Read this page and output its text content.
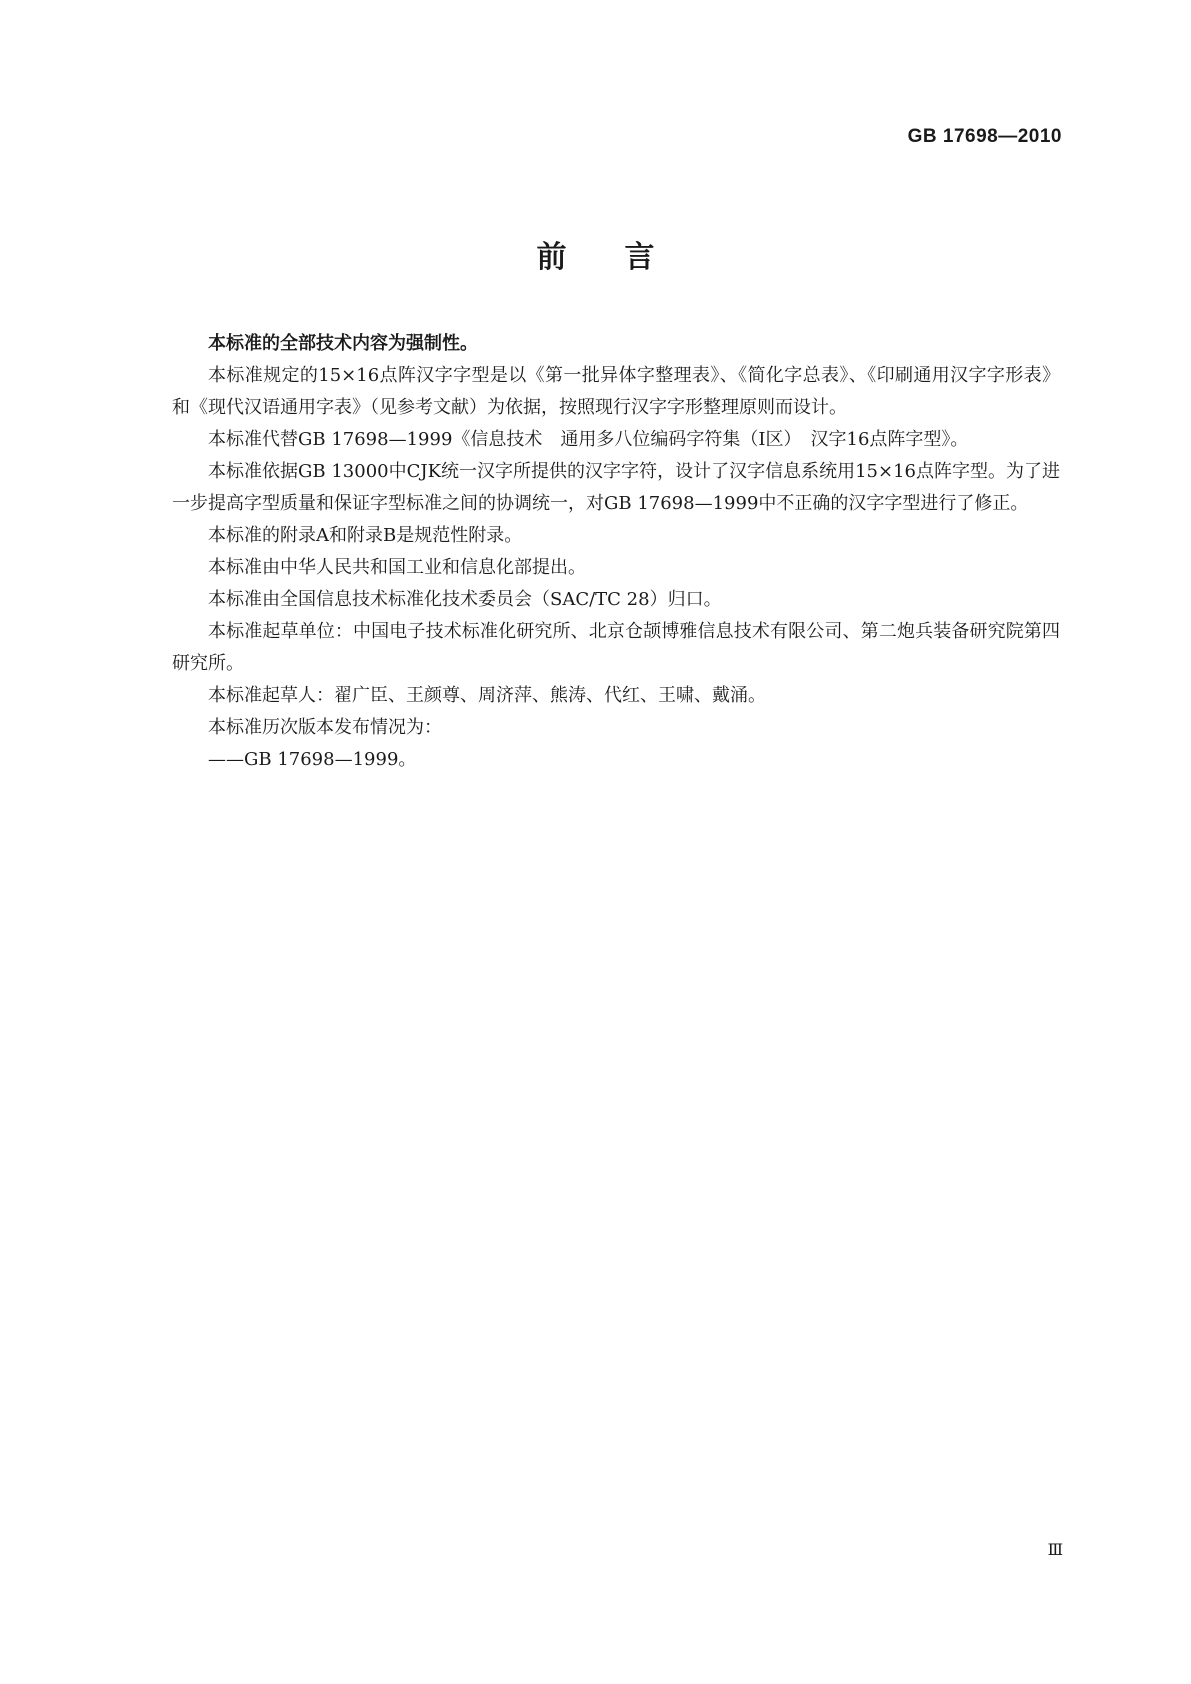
GB 17698—2010
前言

本标准的全部技术内容为强制性。

本标准规定的15×16点阵汉字字型是以《第一批异体字整理表》、《简化字总表》、《印刷通用汉字字形表》和《现代汉语通用字表》（见参考文献）为依据，按照现行汉字字形整理原则而设计。

本标准代替GB 17698—1999《信息技术　通用多八位编码字符集（I区）　汉字16点阵字型》。

本标准依据GB 13000中CJK统一汉字所提供的汉字字符，设计了汉字信息系统用15×16点阵字型。为了进一步提高字型质量和保证字型标准之间的协调统一，对GB 17698—1999中不正确的汉字字型进行了修正。

本标准的附录A和附录B是规范性附录。

本标准由中华人民共和国工业和信息化部提出。

本标准由全国信息技术标准化技术委员会（SAC/TC 28）归口。

本标准起草单位：中国电子技术标准化研究所、北京仓颉博雅信息技术有限公司、第二炮兵装备研究院第四研究所。

本标准起草人：翟广臣、王颜尊、周济萍、熊涛、代红、王啸、戴涌。

本标准历次版本发布情况为：

——GB 17698—1999。

Ⅲ
